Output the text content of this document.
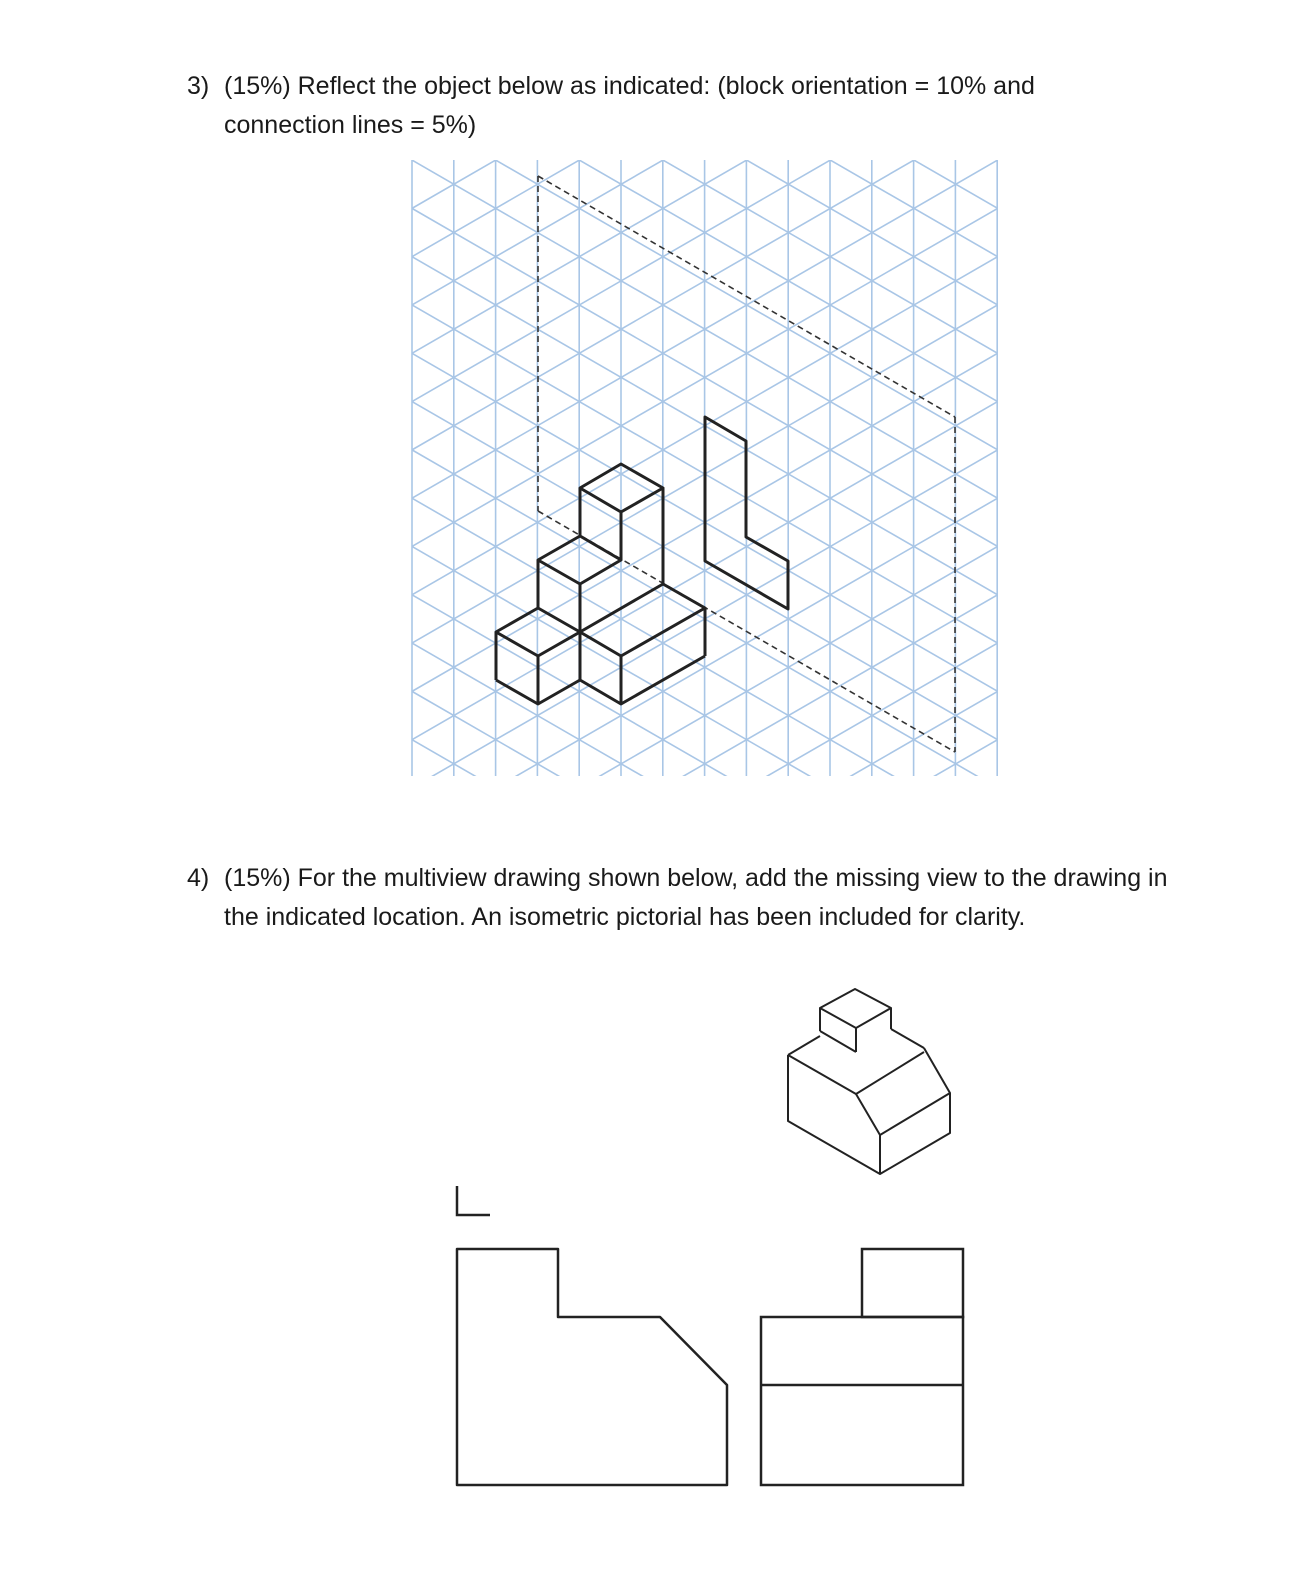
3) (15%) Reflect the object below as indicated: (block orientation = 10% and connection lines = 5%)
4) (15%) For the multiview drawing shown below, add the missing view to the drawing in the indicated location. An isometric pictorial has been included for clarity.
